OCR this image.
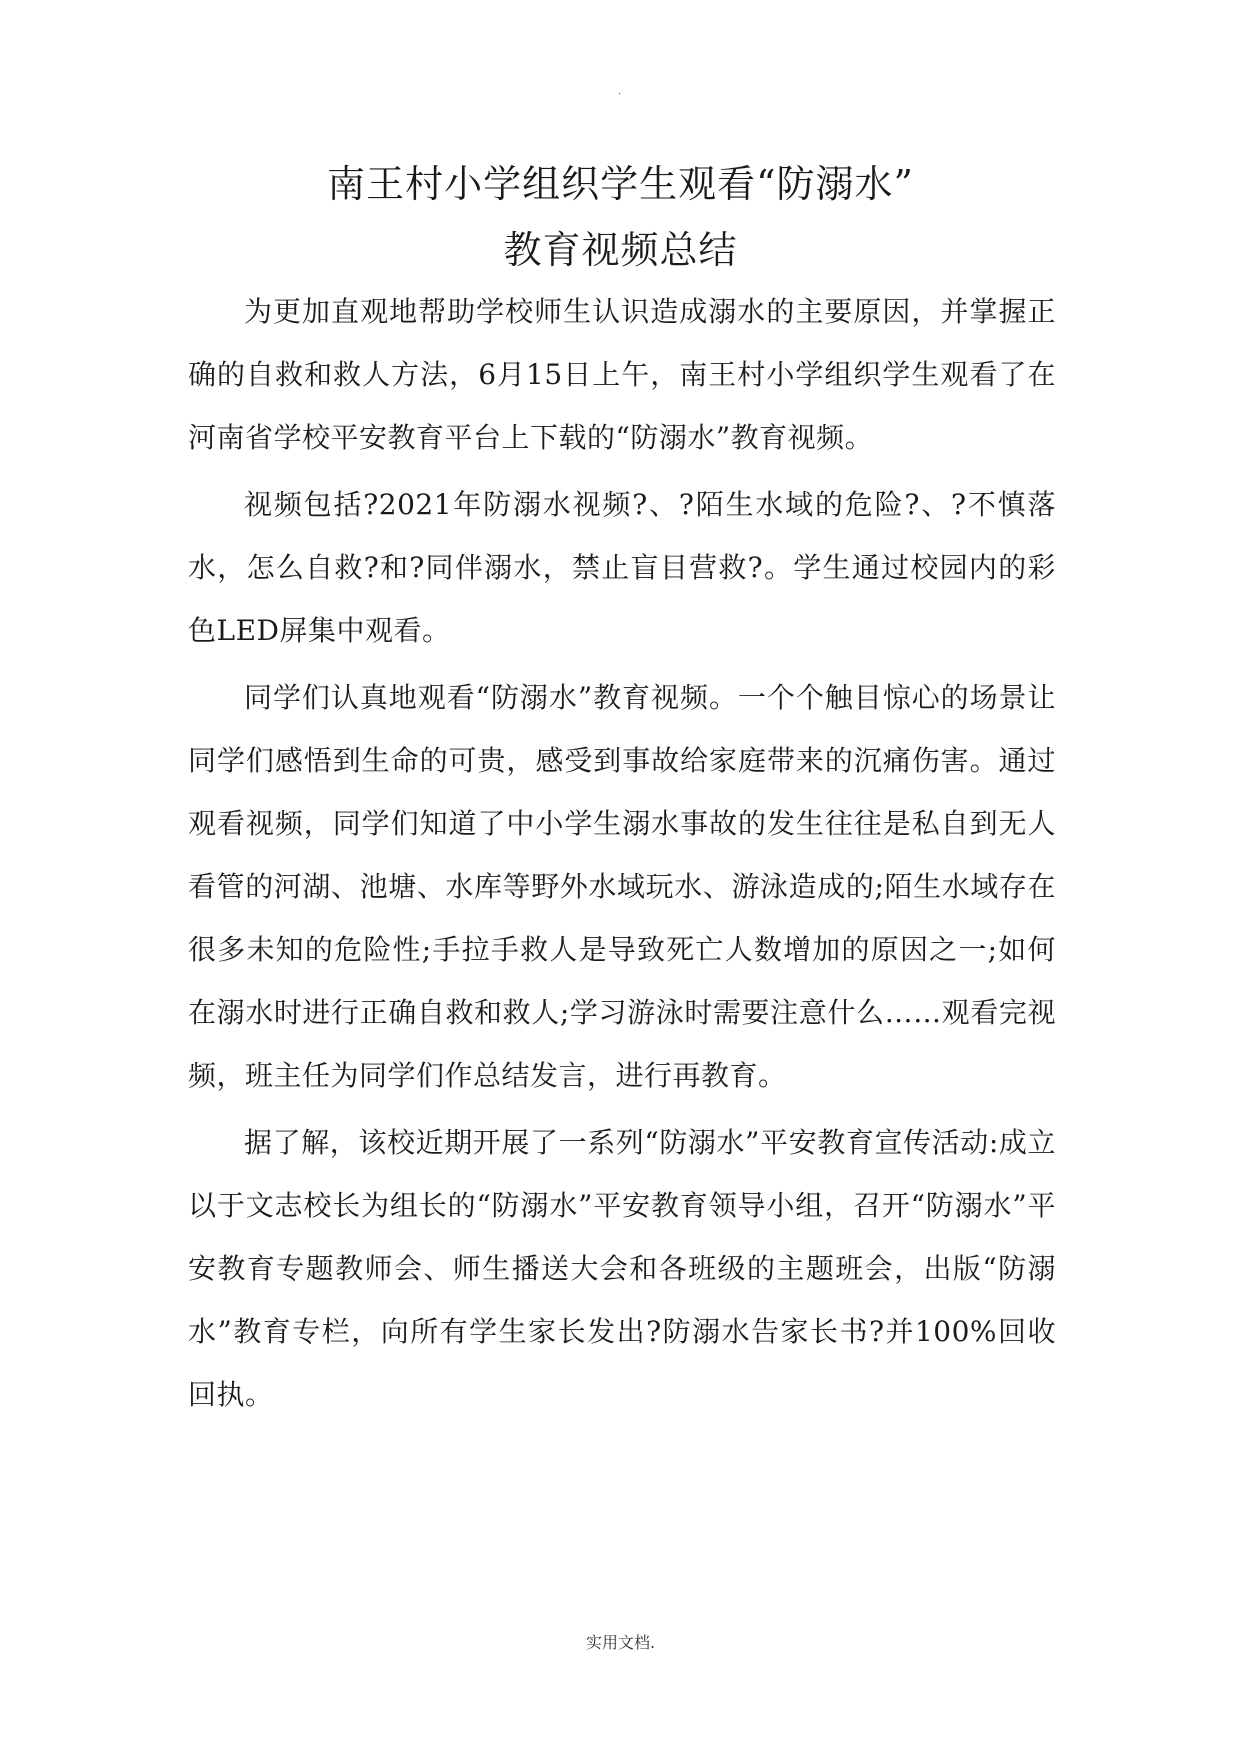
.
南王村小学组织学生观看“防溺水”
教育视频总结

为更加直观地帮助学校师生认识造成溺水的主要原因，并掌握正确的自救和救人方法，6月15日上午，南王村小学组织学生观看了在河南省学校平安教育平台上下载的“防溺水”教育视频。

视频包括?2021年防溺水视频?、?陌生水域的危险?、?不慎落水，怎么自救?和?同伴溺水，禁止盲目营救?。学生通过校园内的彩色LED屏集中观看。

同学们认真地观看“防溺水”教育视频。一个个触目惊心的场景让同学们感悟到生命的可贵，感受到事故给家庭带来的沉痛伤害。通过观看视频，同学们知道了中小学生溺水事故的发生往往是私自到无人看管的河湖、池塘、水库等野外水域玩水、游泳造成的;陌生水域存在很多未知的危险性;手拉手救人是导致死亡人数增加的原因之一;如何在溺水时进行正确自救和救人;学习游泳时需要注意什么……观看完视频，班主任为同学们作总结发言，进行再教育。

据了解，该校近期开展了一系列“防溺水”平安教育宣传活动:成立以于文志校长为组长的“防溺水”平安教育领导小组，召开“防溺水”平安教育专题教师会、师生播送大会和各班级的主题班会，出版“防溺水”教育专栏，向所有学生家长发出?防溺水告家长书?并100%回收回执。

实用文档.
